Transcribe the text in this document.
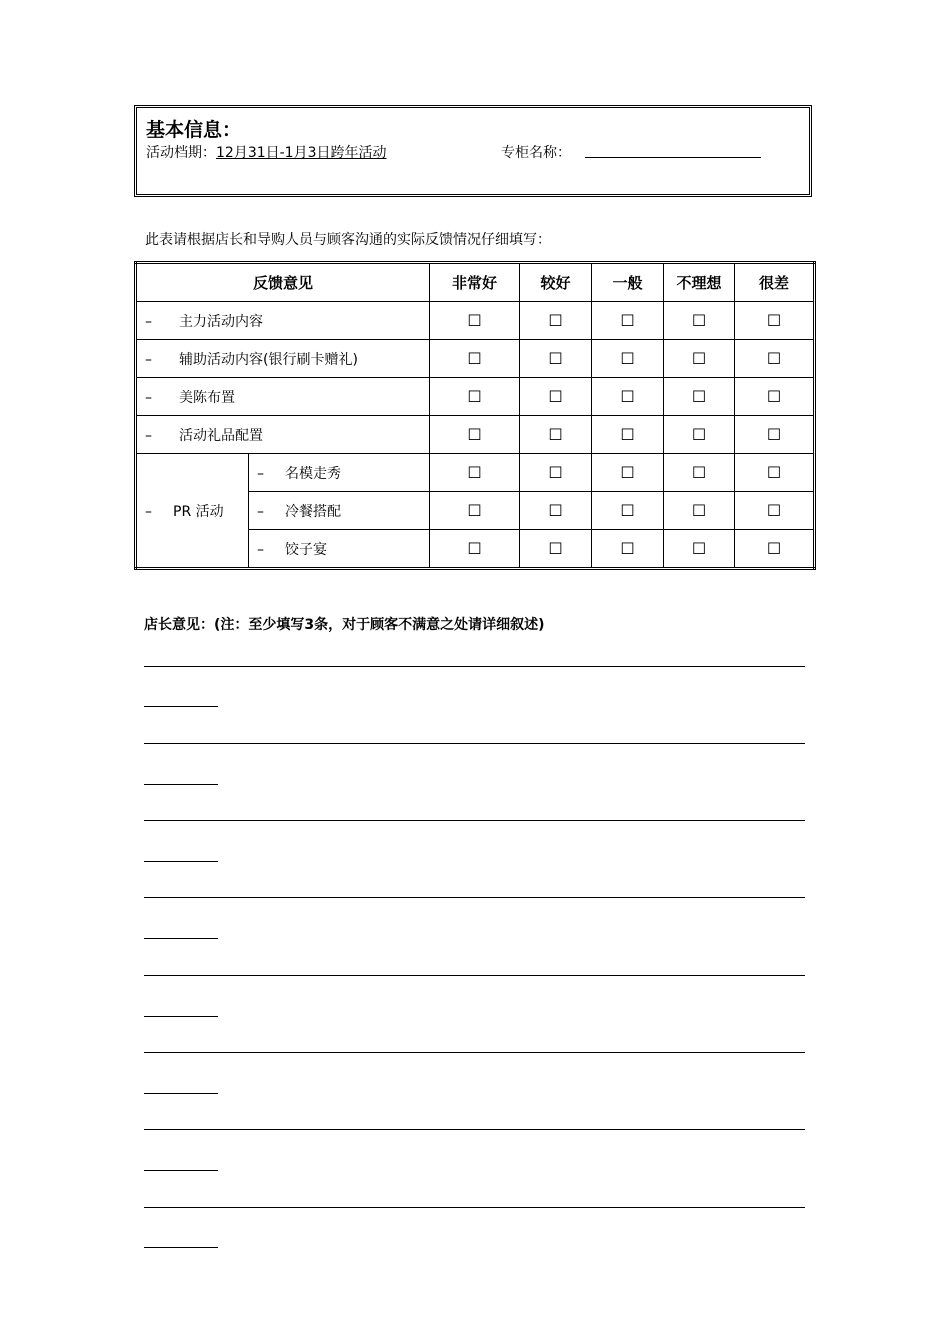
基本信息：
活动档期：12月31日-1月3日跨年活动	专柜名称：
此表请根据店长和导购人员与顾客沟通的实际反馈情况仔细填写：
反馈意见		非常好	较好	一般	不理想	很差
– 主力活动内容		☐	☐	☐	☐	☐
– 辅助活动内容(银行刷卡赠礼)		☐	☐	☐	☐	☐
– 美陈布置		☐	☐	☐	☐	☐
– 活动礼品配置		☐	☐	☐	☐	☐
– PR 活动	– 名模走秀	☐	☐	☐	☐	☐
	– 冷餐搭配	☐	☐	☐	☐	☐
	– 饺子宴	☐	☐	☐	☐	☐
店长意见：(注：至少填写3条，对于顾客不满意之处请详细叙述)
